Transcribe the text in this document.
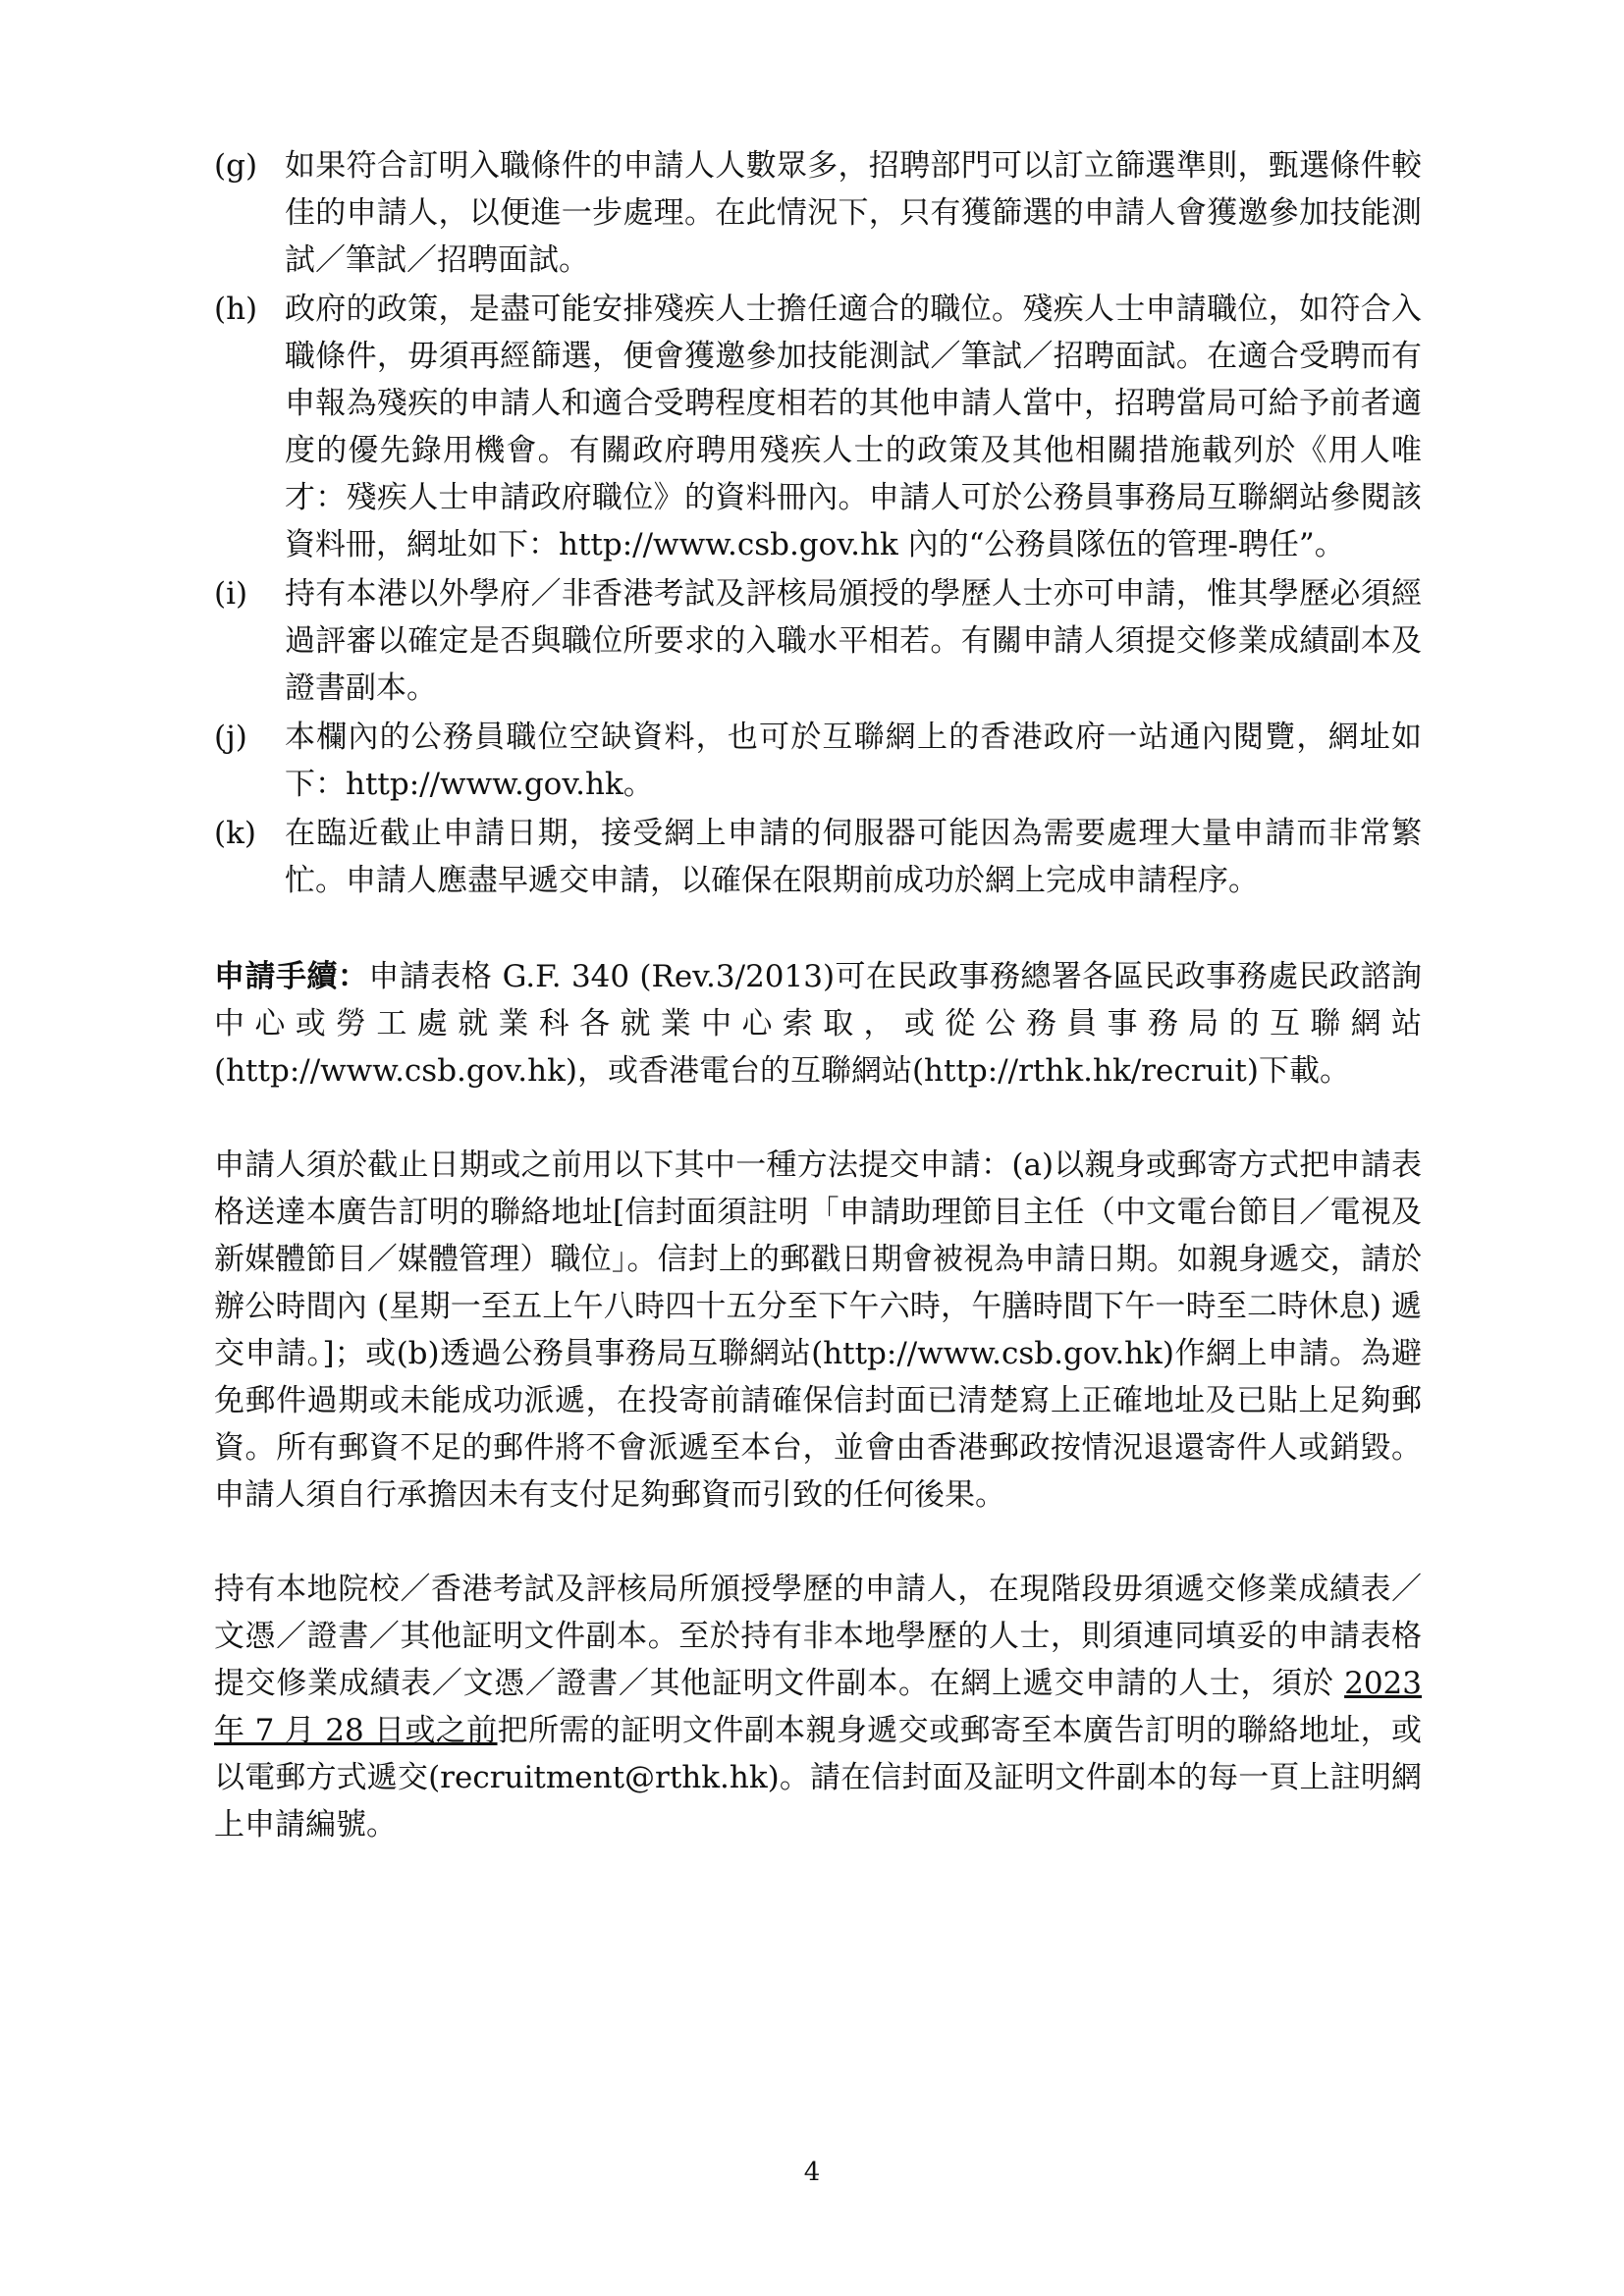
(g) 如果符合訂明入職條件的申請人人數眾多，招聘部門可以訂立篩選準則，甄選條件較佳的申請人，以便進一步處理。在此情況下，只有獲篩選的申請人會獲邀參加技能測試／筆試／招聘面試。
(h) 政府的政策，是盡可能安排殘疾人士擔任適合的職位。殘疾人士申請職位，如符合入職條件，毋須再經篩選，便會獲邀參加技能測試／筆試／招聘面試。在適合受聘而有申報為殘疾的申請人和適合受聘程度相若的其他申請人當中，招聘當局可給予前者適度的優先錄用機會。有關政府聘用殘疾人士的政策及其他相關措施載列於《用人唯才：殘疾人士申請政府職位》的資料冊內。申請人可於公務員事務局互聯網站參閱該資料冊，網址如下：http://www.csb.gov.hk 內的“公務員隊伍的管理-聘任”。
(i) 持有本港以外學府／非香港考試及評核局頒授的學歷人士亦可申請，惟其學歷必須經過評審以確定是否與職位所要求的入職水平相若。有關申請人須提交修業成績副本及證書副本。
(j) 本欄內的公務員職位空缺資料，也可於互聯網上的香港政府一站通內閱覽，網址如下：http://www.gov.hk。
(k) 在臨近截止申請日期，接受網上申請的伺服器可能因為需要處理大量申請而非常繁忙。申請人應盡早遞交申請，以確保在限期前成功於網上完成申請程序。

申請手續：申請表格 G.F. 340 (Rev.3/2013)可在民政事務總署各區民政事務處民政諮詢中心或勞工處就業科各就業中心索取，或從公務員事務局的互聯網站(http://www.csb.gov.hk)，或香港電台的互聯網站(http://rthk.hk/recruit)下載。

申請人須於截止日期或之前用以下其中一種方法提交申請：(a)以親身或郵寄方式把申請表格送達本廣告訂明的聯絡地址[信封面須註明「申請助理節目主任（中文電台節目／電視及新媒體節目／媒體管理）職位」。信封上的郵戳日期會被視為申請日期。如親身遞交，請於辦公時間內 (星期一至五上午八時四十五分至下午六時，午膳時間下午一時至二時休息) 遞交申請。]；或(b)透過公務員事務局互聯網站(http://www.csb.gov.hk)作網上申請。為避免郵件過期或未能成功派遞，在投寄前請確保信封面已清楚寫上正確地址及已貼上足夠郵資。所有郵資不足的郵件將不會派遞至本台，並會由香港郵政按情況退還寄件人或銷毀。申請人須自行承擔因未有支付足夠郵資而引致的任何後果。

持有本地院校／香港考試及評核局所頒授學歷的申請人，在現階段毋須遞交修業成績表／文憑／證書／其他証明文件副本。至於持有非本地學歷的人士，則須連同填妥的申請表格提交修業成績表／文憑／證書／其他証明文件副本。在網上遞交申請的人士，須於 2023 年 7 月 28 日或之前把所需的証明文件副本親身遞交或郵寄至本廣告訂明的聯絡地址，或以電郵方式遞交(recruitment@rthk.hk)。請在信封面及証明文件副本的每一頁上註明網上申請編號。

4
